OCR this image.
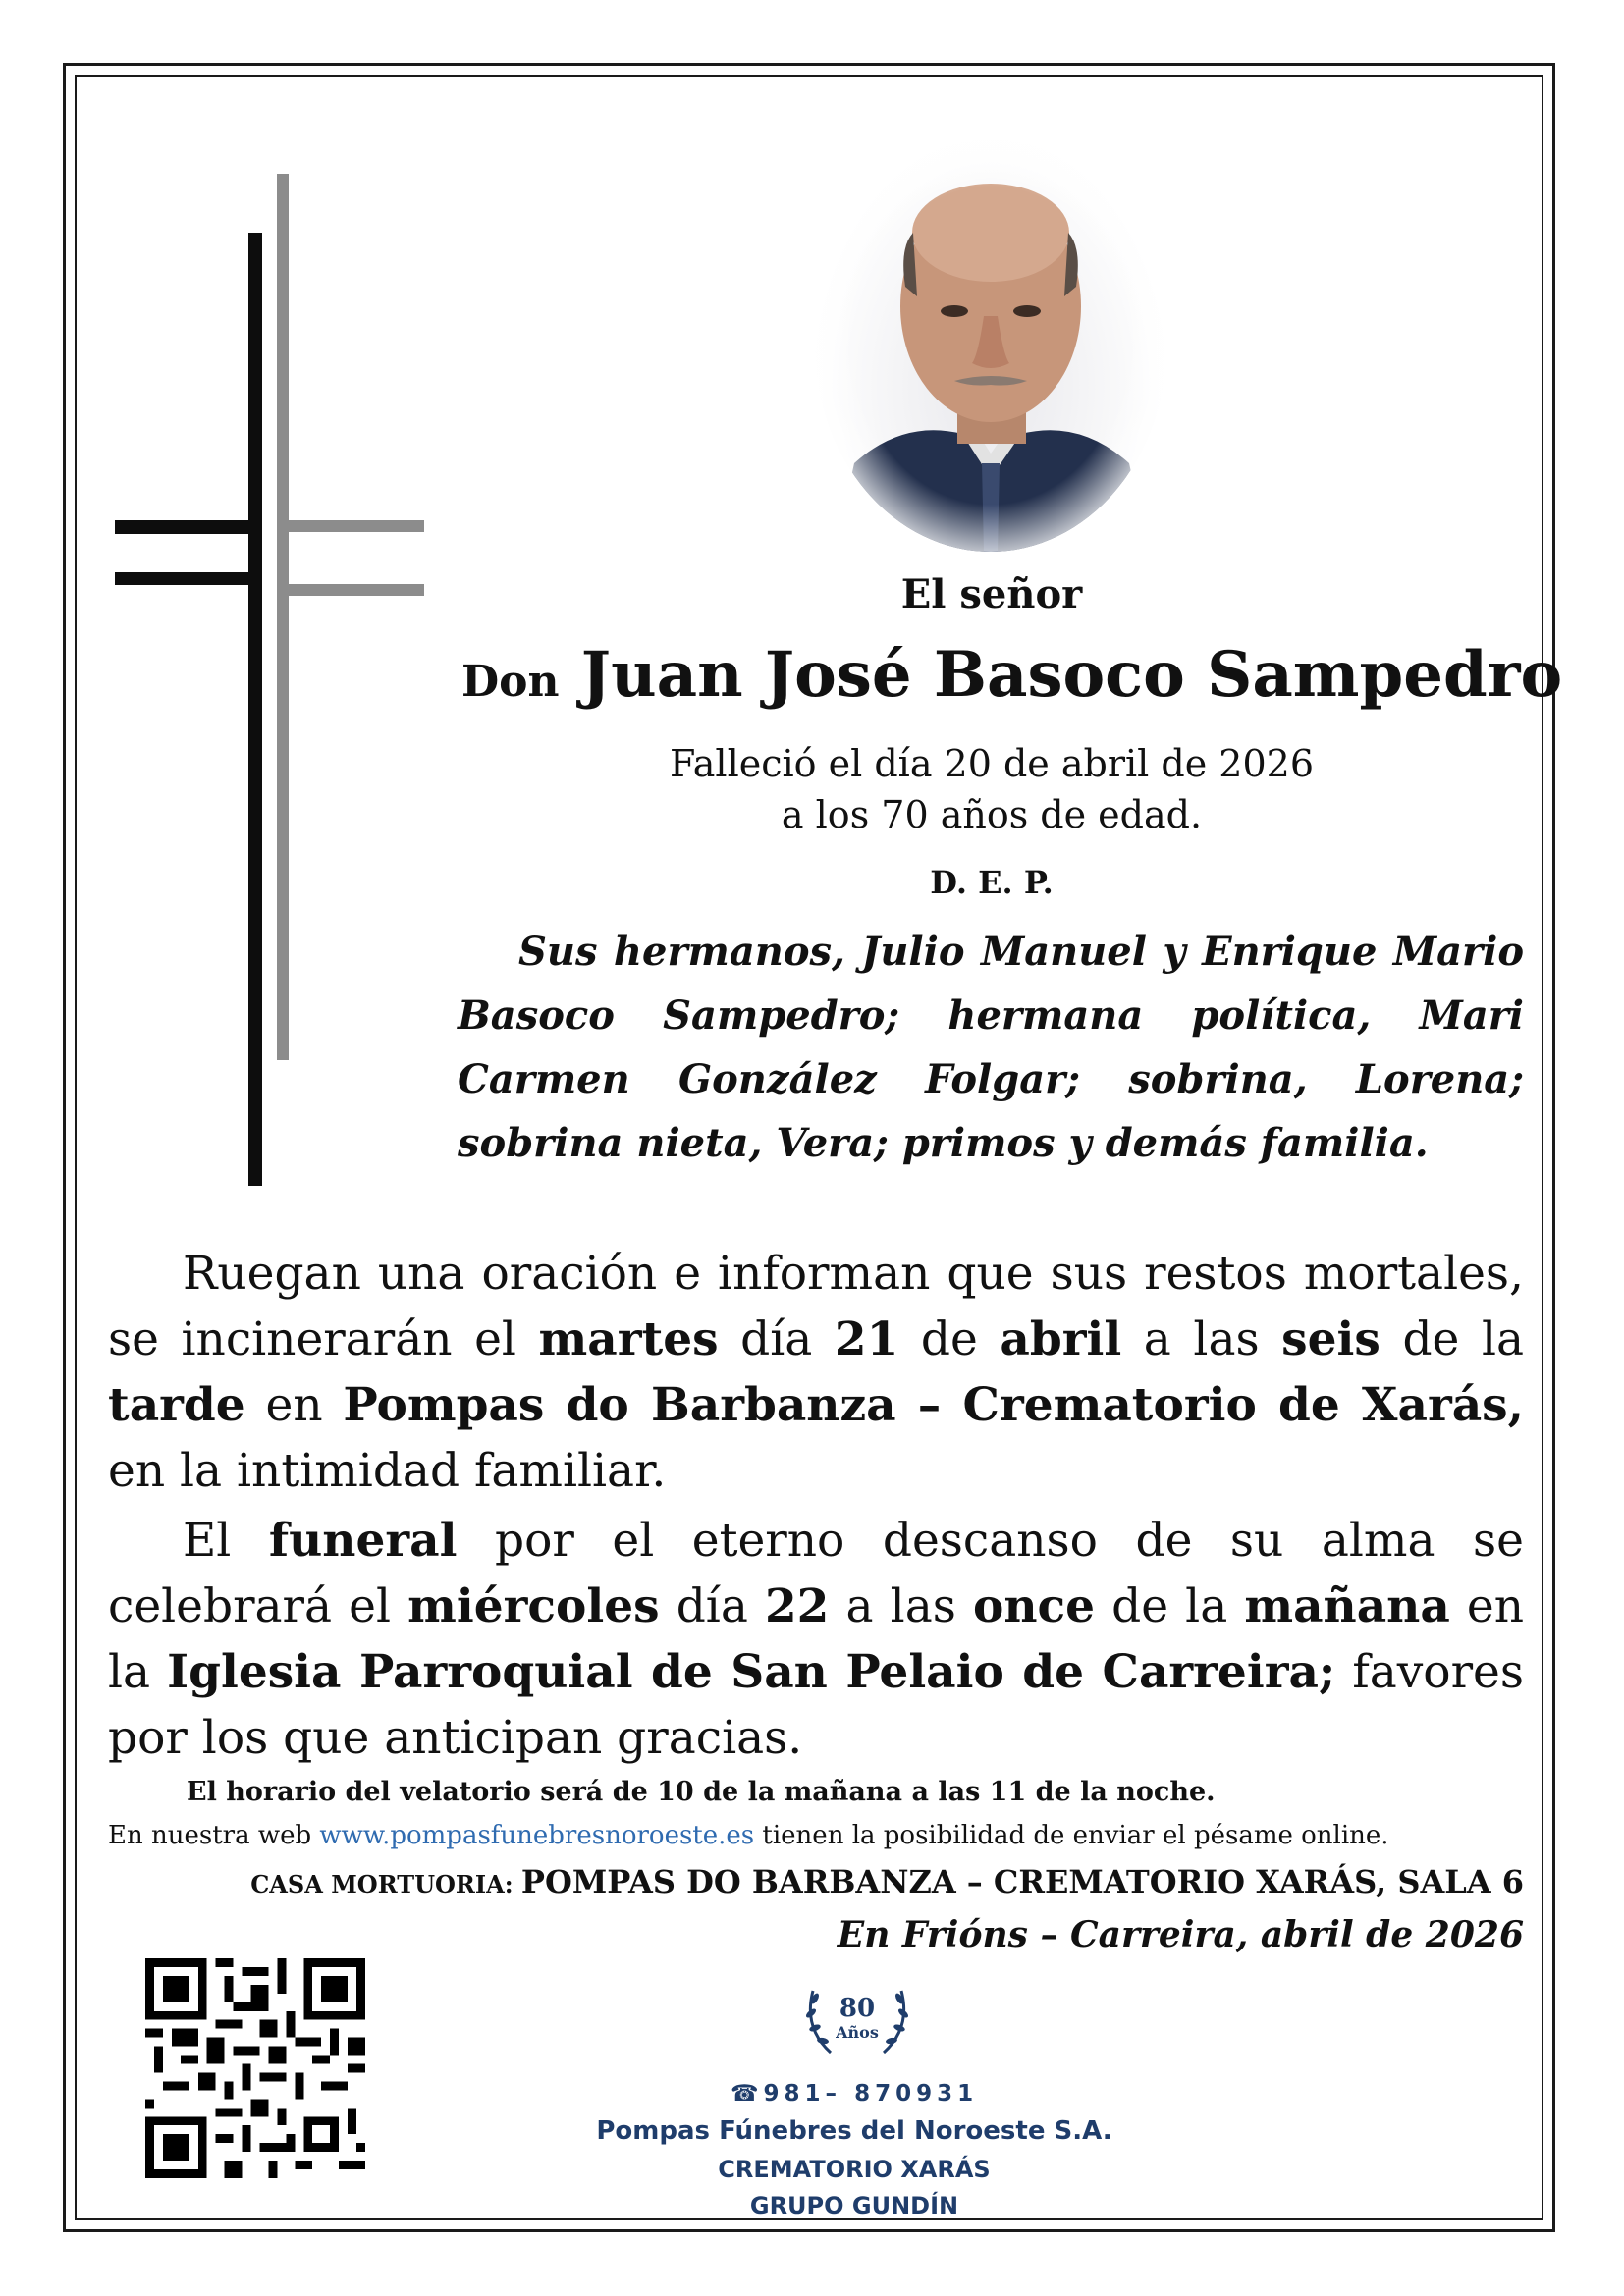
El señor
Don Juan José Basoco Sampedro
Falleció el día 20 de abril de 2026
a los 70 años de edad.
D. E. P.
Sus hermanos, Julio Manuel y Enrique Mario Basoco Sampedro; hermana política, Mari Carmen González Folgar; sobrina, Lorena; sobrina nieta, Vera; primos y demás familia.
Ruegan una oración e informan que sus restos mortales, se incinerarán el martes día 21 de abril a las seis de la tarde en Pompas do Barbanza – Crematorio de Xarás, en la intimidad familiar.
El funeral por el eterno descanso de su alma se celebrará el miércoles día 22 a las once de la mañana en la Iglesia Parroquial de San Pelaio de Carreira; favores por los que anticipan gracias.
El horario del velatorio será de 10 de la mañana a las 11 de la noche.
En nuestra web www.pompasfunebresnoroeste.es tienen la posibilidad de enviar el pésame online.
CASA MORTUORIA: POMPAS DO BARBANZA – CREMATORIO XARÁS, SALA 6
En Frións – Carreira, abril de 2026
80
Años
☎981– 870931
Pompas Fúnebres del Noroeste S.A.
CREMATORIO XARÁS
GRUPO GUNDÍN
